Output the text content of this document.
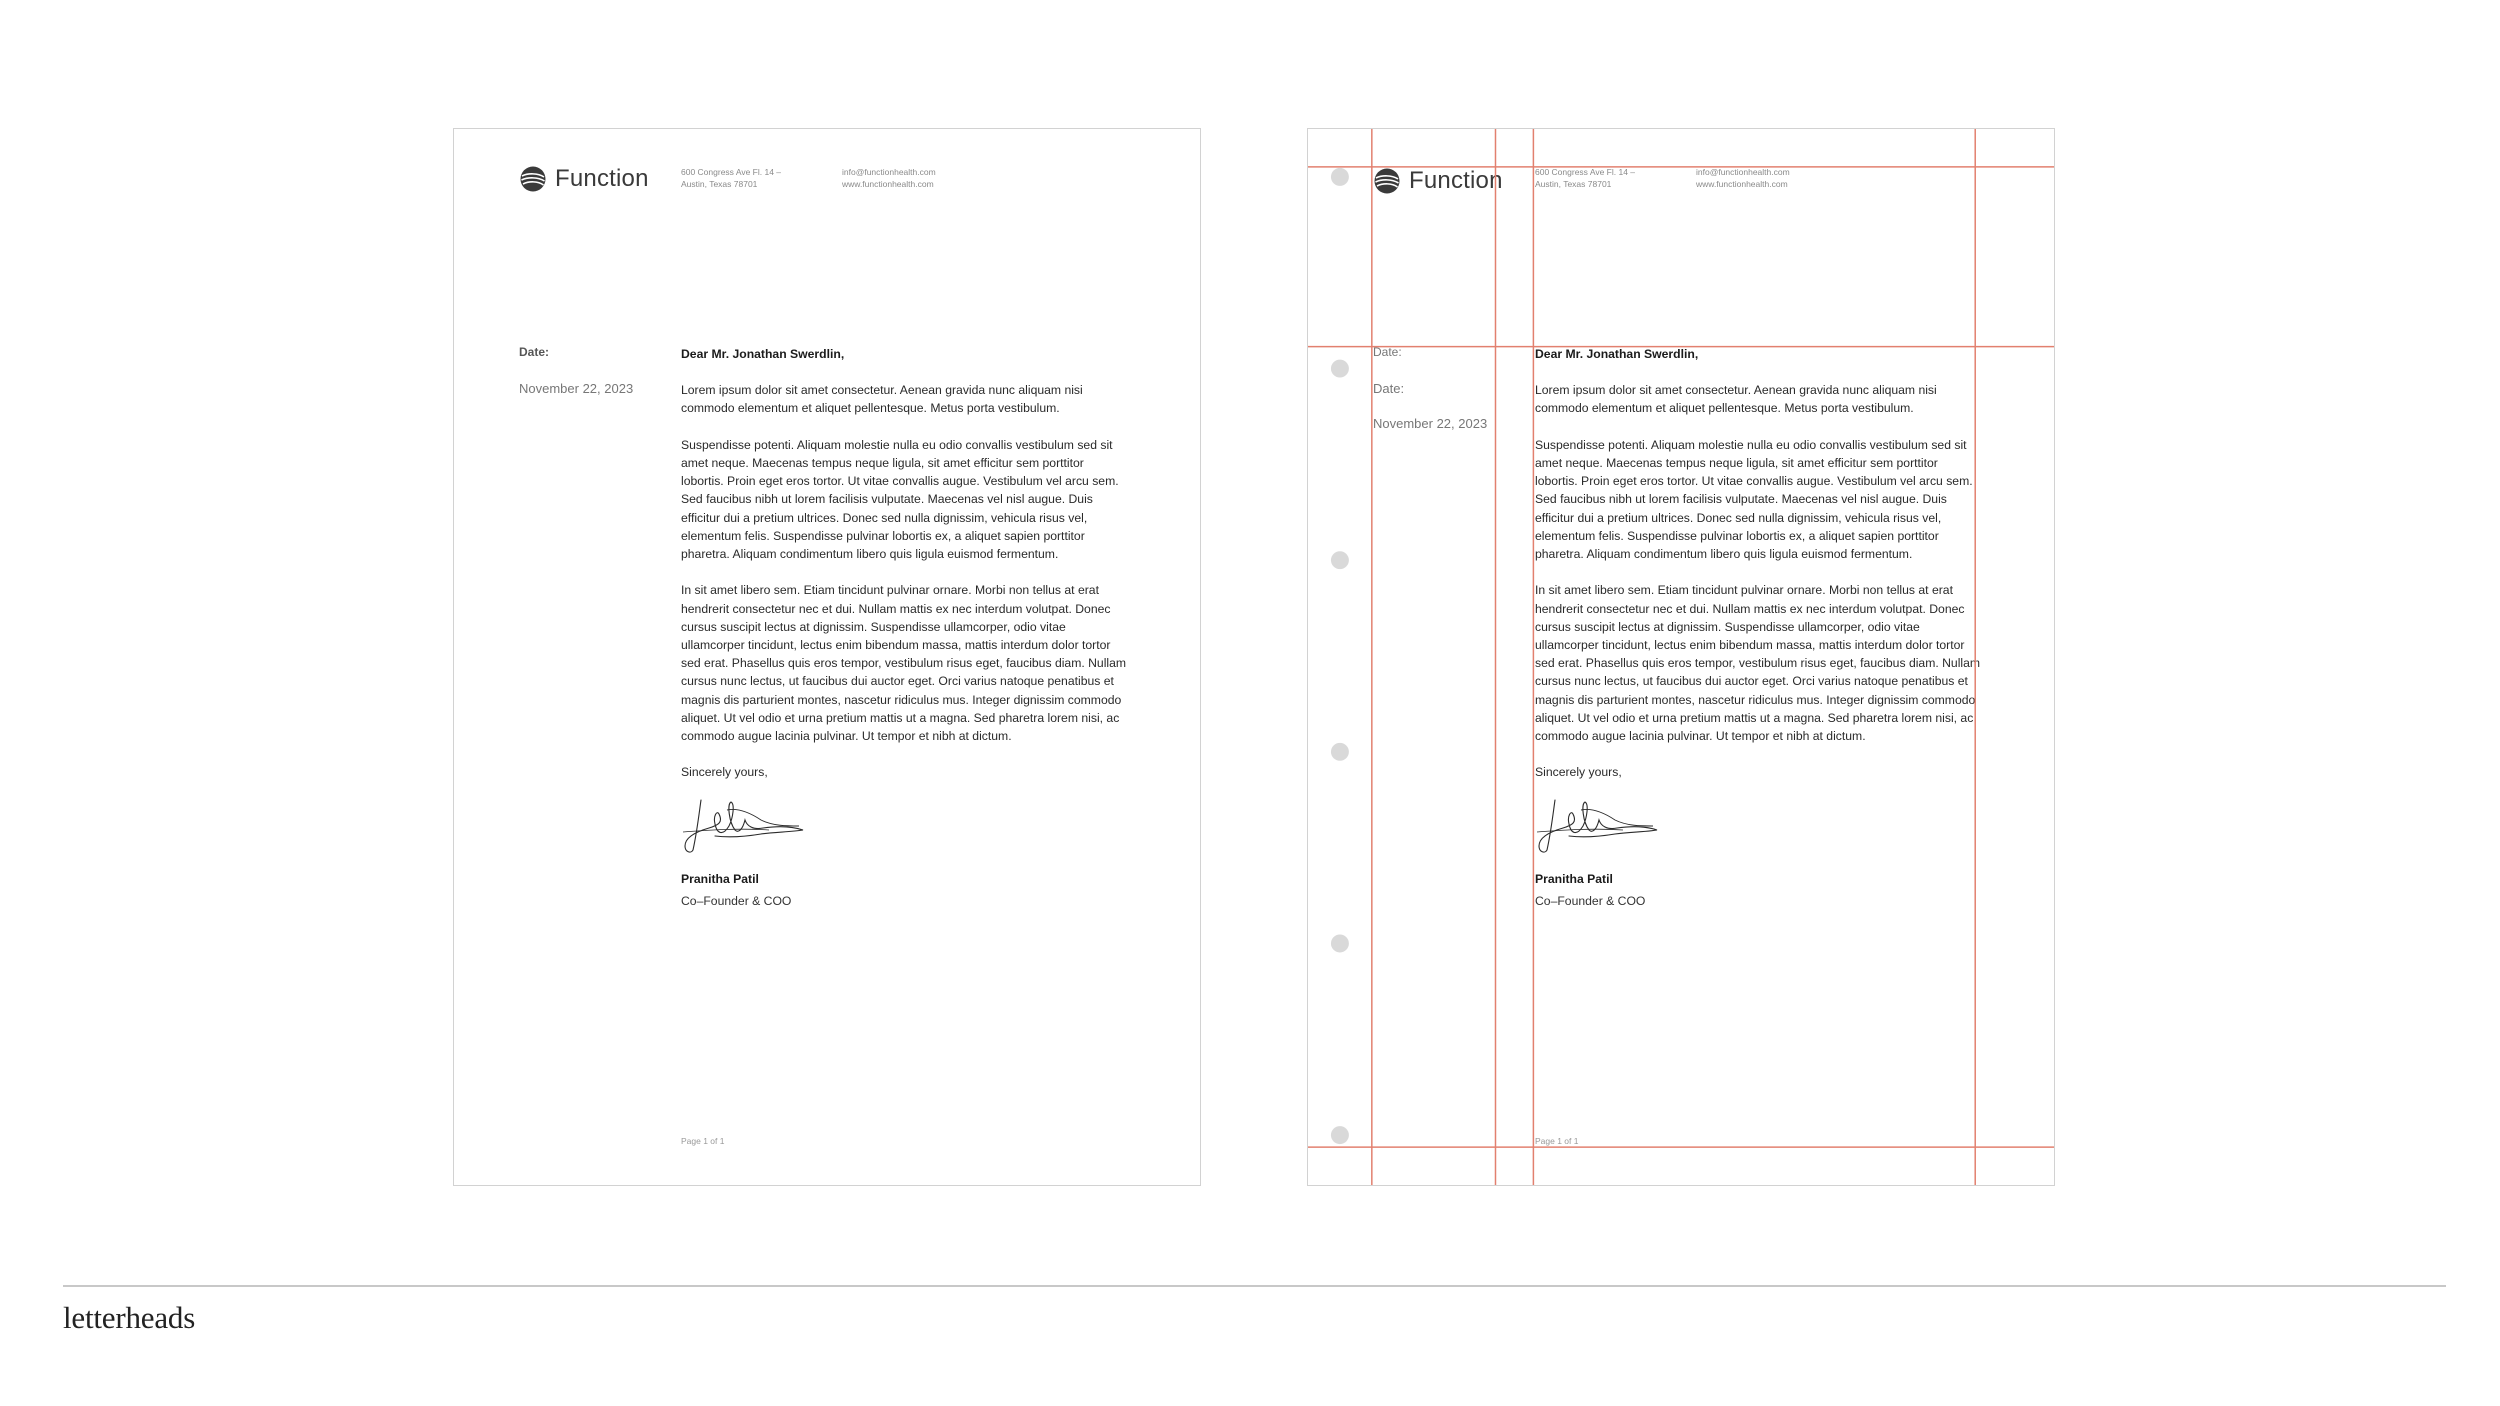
Function	600 Congress Ave Fl. 14 –
Austin, Texas 78701
info@functionhealth.com
www.functionhealth.com
Date:
November 22, 2023
Dear Mr. Jonathan Swerdlin,

Lorem ipsum dolor sit amet consectetur. Aenean gravida nunc aliquam nisi commodo elementum et aliquet pellentesque. Metus porta vestibulum.

Suspendisse potenti. Aliquam molestie nulla eu odio convallis vestibulum sed sit amet neque. Maecenas tempus neque ligula, sit amet efficitur sem porttitor lobortis. Proin eget eros tortor. Ut vitae convallis augue. Vestibulum vel arcu sem. Sed faucibus nibh ut lorem facilisis vulputate. Maecenas vel nisl augue. Duis efficitur dui a pretium ultrices. Donec sed nulla dignissim, vehicula risus vel, elementum felis. Suspendisse pulvinar lobortis ex, a aliquet sapien porttitor pharetra. Aliquam condimentum libero quis ligula euismod fermentum.

In sit amet libero sem. Etiam tincidunt pulvinar ornare. Morbi non tellus at erat hendrerit consectetur nec et dui. Nullam mattis ex nec interdum volutpat. Donec cursus suscipit lectus at dignissim. Suspendisse ullamcorper, odio vitae ullamcorper tincidunt, lectus enim bibendum massa, mattis interdum dolor tortor sed erat. Phasellus quis eros tempor, vestibulum risus eget, faucibus diam. Nullam cursus nunc lectus, ut faucibus dui auctor eget. Orci varius natoque penatibus et magnis dis parturient montes, nascetur ridiculus mus. Integer dignissim commodo aliquet. Ut vel odio et urna pretium mattis ut a magna. Sed pharetra lorem nisi, ac commodo augue lacinia pulvinar. Ut tempor et nibh at dictum.

Sincerely yours,
Pranitha Patil
Co–Founder & COO
Page 1 of 1
Function	600 Congress Ave Fl. 14 –
Austin, Texas 78701
info@functionhealth.com
www.functionhealth.com
Date:
Date:
November 22, 2023
Dear Mr. Jonathan Swerdlin,

Lorem ipsum dolor sit amet consectetur. Aenean gravida nunc aliquam nisi commodo elementum et aliquet pellentesque. Metus porta vestibulum.

Suspendisse potenti. Aliquam molestie nulla eu odio convallis vestibulum sed sit amet neque. Maecenas tempus neque ligula, sit amet efficitur sem porttitor lobortis. Proin eget eros tortor. Ut vitae convallis augue. Vestibulum vel arcu sem. Sed faucibus nibh ut lorem facilisis vulputate. Maecenas vel nisl augue. Duis efficitur dui a pretium ultrices. Donec sed nulla dignissim, vehicula risus vel, elementum felis. Suspendisse pulvinar lobortis ex, a aliquet sapien porttitor pharetra. Aliquam condimentum libero quis ligula euismod fermentum.

In sit amet libero sem. Etiam tincidunt pulvinar ornare. Morbi non tellus at erat hendrerit consectetur nec et dui. Nullam mattis ex nec interdum volutpat. Donec cursus suscipit lectus at dignissim. Suspendisse ullamcorper, odio vitae ullamcorper tincidunt, lectus enim bibendum massa, mattis interdum dolor tortor sed erat. Phasellus quis eros tempor, vestibulum risus eget, faucibus diam. Nullam cursus nunc lectus, ut faucibus dui auctor eget. Orci varius natoque penatibus et magnis dis parturient montes, nascetur ridiculus mus. Integer dignissim commodo aliquet. Ut vel odio et urna pretium mattis ut a magna. Sed pharetra lorem nisi, ac commodo augue lacinia pulvinar. Ut tempor et nibh at dictum.

Sincerely yours,
Pranitha Patil
Co–Founder & COO
Page 1 of 1
letterheads
